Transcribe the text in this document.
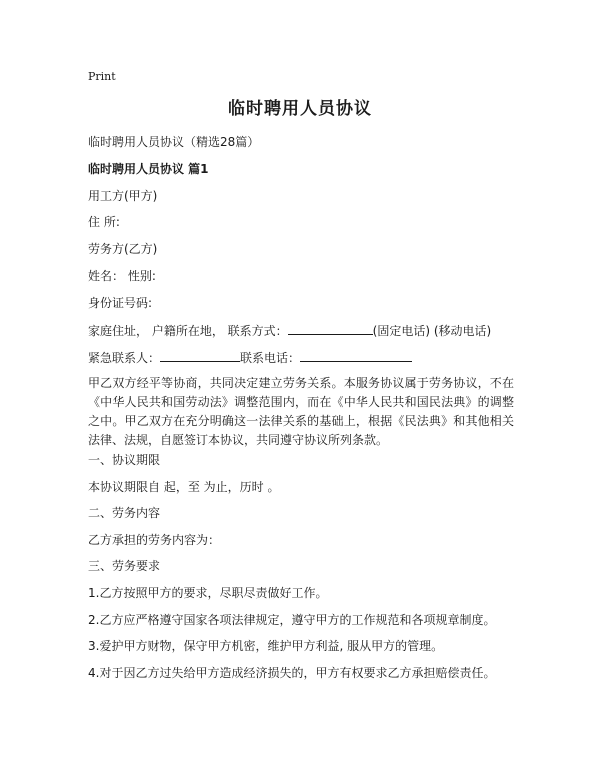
Print
临时聘用人员协议
临时聘用人员协议（精选28篇）
临时聘用人员协议 篇1
用工方(甲方)
住 所:
劳务方(乙方)
姓名： 性别:
身份证号码:
家庭住址， 户籍所在地， 联系方式：	(固定电话) (移动电话)
紧急联系人：	联系电话：
甲乙双方经平等协商，共同决定建立劳务关系。本服务协议属于劳务协议，不在《中华人民共和国劳动法》调整范围内，而在《中华人民共和国民法典》的调整之中。甲乙双方在充分明确这一法律关系的基础上，根据《民法典》和其他相关法律、法规，自愿签订本协议，共同遵守协议所列条款。
一、协议期限
本协议期限自 起，至 为止，历时 。
二、劳务内容
乙方承担的劳务内容为：
三、劳务要求
1.乙方按照甲方的要求，尽职尽责做好工作。
2.乙方应严格遵守国家各项法律规定，遵守甲方的工作规范和各项规章制度。
3.爱护甲方财物，保守甲方机密，维护甲方利益, 服从甲方的管理。
4.对于因乙方过失给甲方造成经济损失的，甲方有权要求乙方承担赔偿责任。
